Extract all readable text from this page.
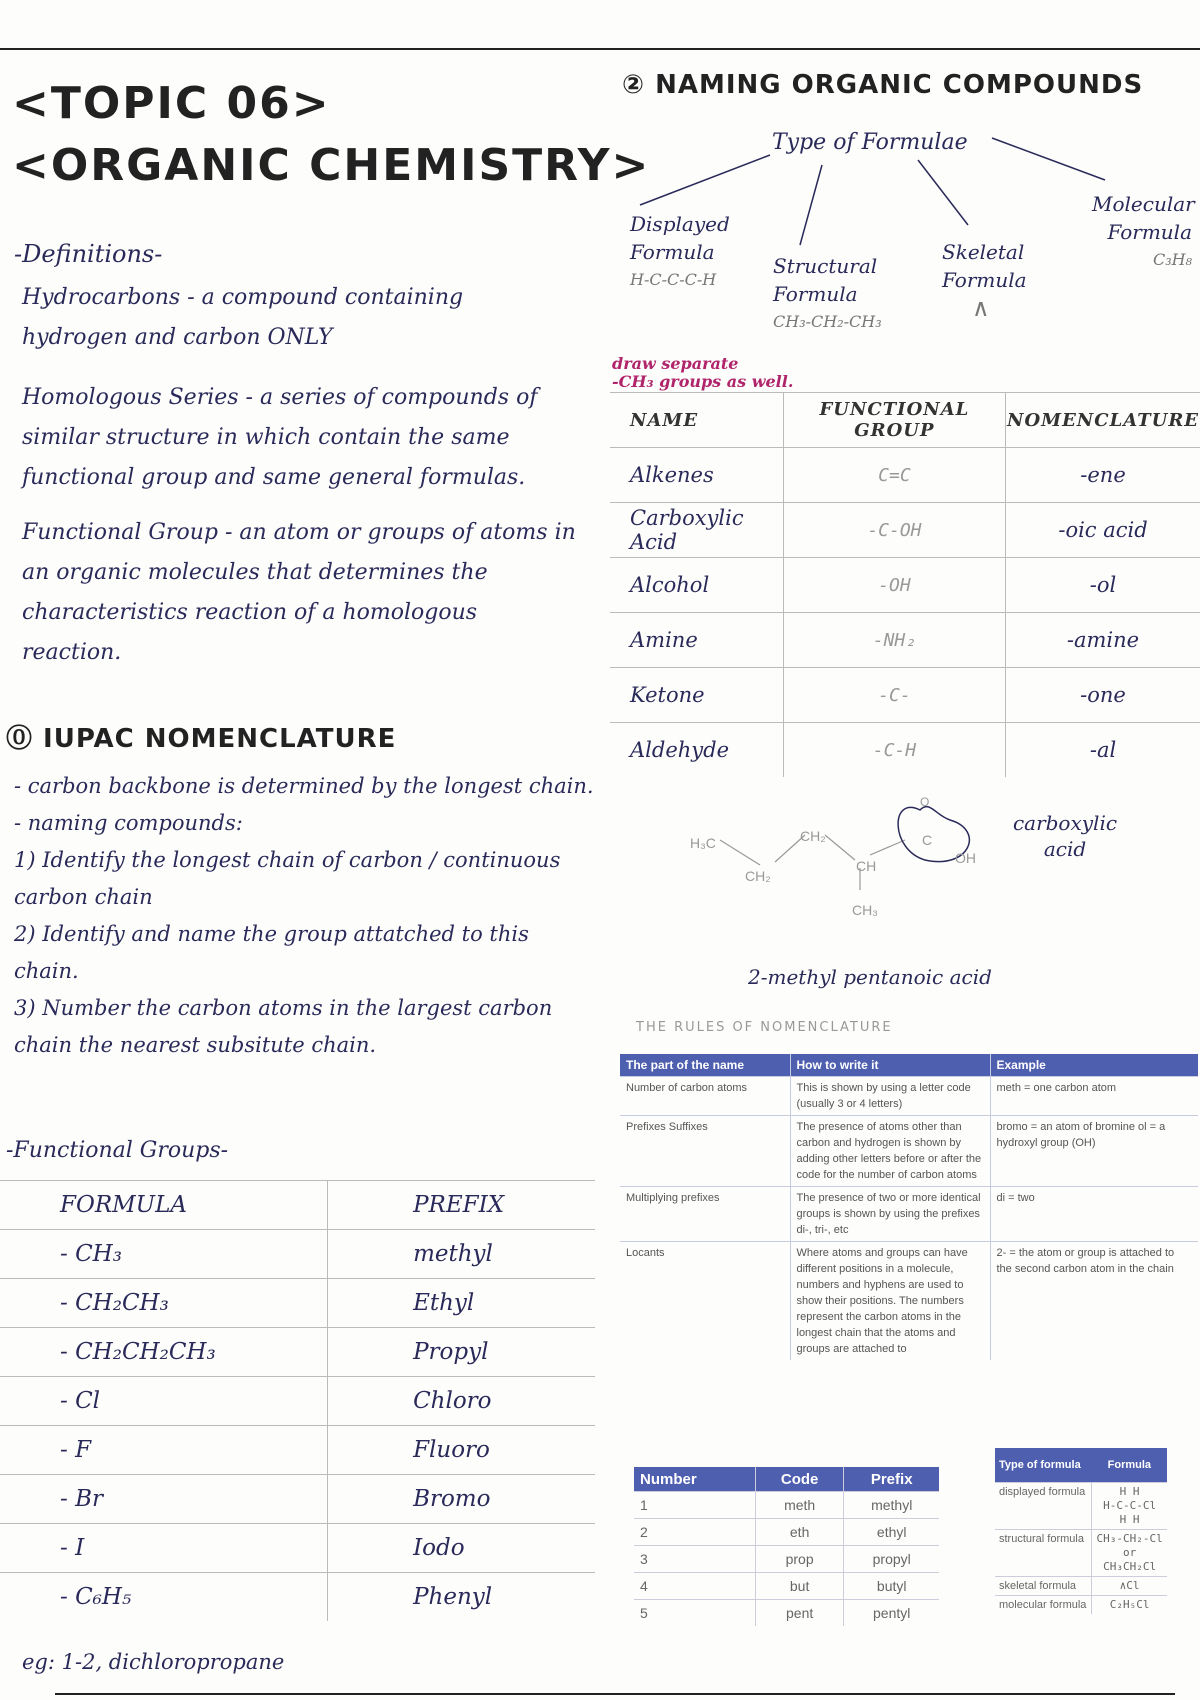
<TOPIC 06>
<ORGANIC CHEMISTRY>
-Definitions-
Hydrocarbons - a compound containing hydrogen and carbon ONLY
Homologous Series - a series of compounds of similar structure in which contain the same functional group and same general formulas.
Functional Group - an atom or groups of atoms in an organic molecules that determines the characteristics reaction of a homologous reaction.
⓪ IUPAC NOMENCLATURE
- carbon backbone is determined by the longest chain.
- naming compounds:
1) Identify the longest chain of carbon / continuous carbon chain
2) Identify and name the group attatched to this chain.
3) Number the carbon atoms in the largest carbon chain the nearest subsitute chain.
-Functional Groups-
FORMULA	PREFIX
- CH₃	methyl
- CH₂CH₃	Ethyl
- CH₂CH₂CH₃	Propyl
- Cl	Chloro
- F	Fluoro
- Br	Bromo
- I	Iodo
- C₆H₅	Phenyl
eg: 1-2, dichloropropane
② NAMING ORGANIC COMPOUNDS
Type of Formulae
Displayed Formula
H-C-C-C-H
Structural Formula
CH₃-CH₂-CH₃
Skeletal Formula
∧
Molecular Formula
C₃H₈
draw separate
-CH₃ groups as well.
NAME	FUNCTIONAL GROUP	NOMENCLATURE
Alkenes	C=C	-ene
Carboxylic Acid	-C-OH	-oic acid
Alcohol	-OH	-ol
Amine	-NH₂	-amine
Ketone	-C-	-one
Aldehyde	-C-H	-al
H₃C
CH₂
CH₂
CH
CH₃
O
C
OH
carboxylic acid
2-methyl pentanoic acid
THE RULES OF NOMENCLATURE
The part of the name	How to write it	Example
Number of carbon atoms	This is shown by using a letter code (usually 3 or 4 letters)	meth = one carbon atom
Prefixes Suffixes	The presence of atoms other than carbon and hydrogen is shown by adding other letters before or after the code for the number of carbon atoms	bromo = an atom of bromine ol = a hydroxyl group (OH)
Multiplying prefixes	The presence of two or more identical groups is shown by using the prefixes di-, tri-, etc	di = two
Locants	Where atoms and groups can have different positions in a molecule, numbers and hyphens are used to show their positions. The numbers represent the carbon atoms in the longest chain that the atoms and groups are attached to	2- = the atom or group is attached to the second carbon atom in the chain
Number	Code	Prefix
1	meth	methyl
2	eth	ethyl
3	prop	propyl
4	but	butyl
5	pent	pentyl
Type of formula	Formula
displayed formula	H H
H-C-C-Cl
H H
structural formula	CH₃-CH₂-Cl
or
CH₃CH₂Cl
skeletal formula	∧Cl
molecular formula	C₂H₅Cl
